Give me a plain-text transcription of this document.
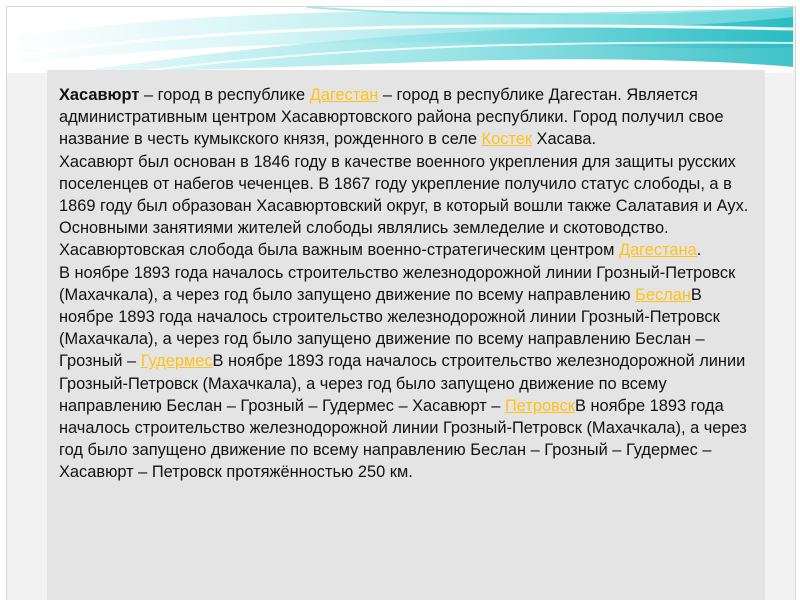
Хасавюрт – город в республике Дагестан – город в республике Дагестан. Является административным центром Хасавюртовского района республики. Город получил свое название в честь кумыкского князя, рожденного в селе Костек Хасава.

Хасавюрт был основан в 1846 году в качестве военного укрепления для защиты русских поселенцев от набегов чеченцев. В 1867 году укрепление получило статус слободы, а в 1869 году был образован Хасавюртовский округ, в который вошли также Салатавия и Аух. Основными занятиями жителей слободы являлись земледелие и скотоводство. Хасавюртовская слобода была важным военно-стратегическим центром Дагестана.

В ноябре 1893 года началось строительство железнодорожной линии Грозный-Петровск (Махачкала), а через год было запущено движение по всему направлению БесланВ ноябре 1893 года началось строительство железнодорожной линии Грозный-Петровск (Махачкала), а через год было запущено движение по всему направлению Беслан – Грозный – ГудермесВ ноябре 1893 года началось строительство железнодорожной линии Грозный-Петровск (Махачкала), а через год было запущено движение по всему направлению Беслан – Грозный – Гудермес – Хасавюрт – ПетровскВ ноябре 1893 года началось строительство железнодорожной линии Грозный-Петровск (Махачкала), а через год было запущено движение по всему направлению Беслан – Грозный – Гудермес – Хасавюрт – Петровск протяжённостью 250 км.
